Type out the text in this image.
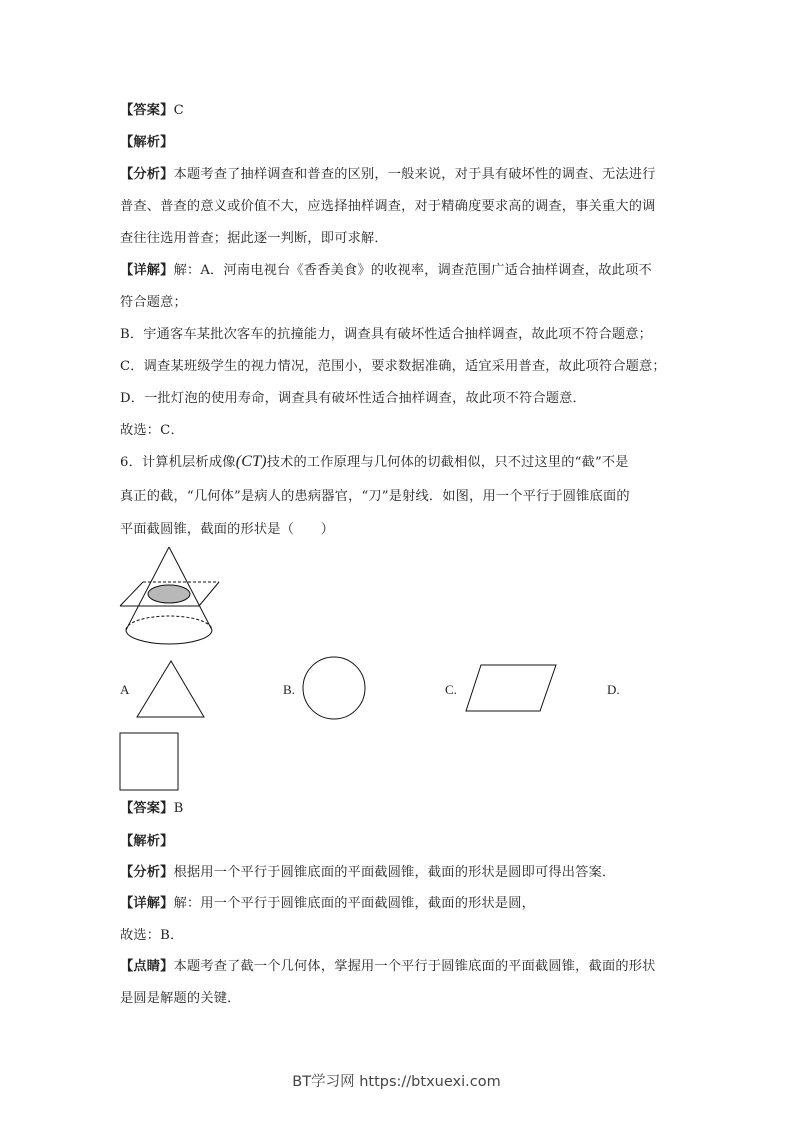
【答案】C
【解析】
【分析】本题考查了抽样调查和普查的区别，一般来说，对于具有破坏性的调查、无法进行
普查、普查的意义或价值不大，应选择抽样调查，对于精确度要求高的调查，事关重大的调
查往往选用普查；据此逐一判断，即可求解．
【详解】解：A．河南电视台《香香美食》的收视率，调查范围广适合抽样调查，故此项不
符合题意；
B．宇通客车某批次客车的抗撞能力，调查具有破坏性适合抽样调查，故此项不符合题意；
C．调查某班级学生的视力情况，范围小，要求数据准确，适宜采用普查，故此项符合题意；
D．一批灯泡的使用寿命，调查具有破坏性适合抽样调查，故此项不符合题意．
故选：C．
6．计算机层析成像(CT)技术的工作原理与几何体的切截相似，只不过这里的“截”不是
真正的截，“几何体”是病人的患病器官，“刀”是射线．如图，用一个平行于圆锥底面的
平面截圆锥，截面的形状是（　　）
A	B.	C.	D.
【答案】B
【解析】
【分析】根据用一个平行于圆锥底面的平面截圆锥，截面的形状是圆即可得出答案．
【详解】解：用一个平行于圆锥底面的平面截圆锥，截面的形状是圆，
故选：B．
【点睛】本题考查了截一个几何体，掌握用一个平行于圆锥底面的平面截圆锥，截面的形状
是圆是解题的关键．
BT学习网 https://btxuexi.com
